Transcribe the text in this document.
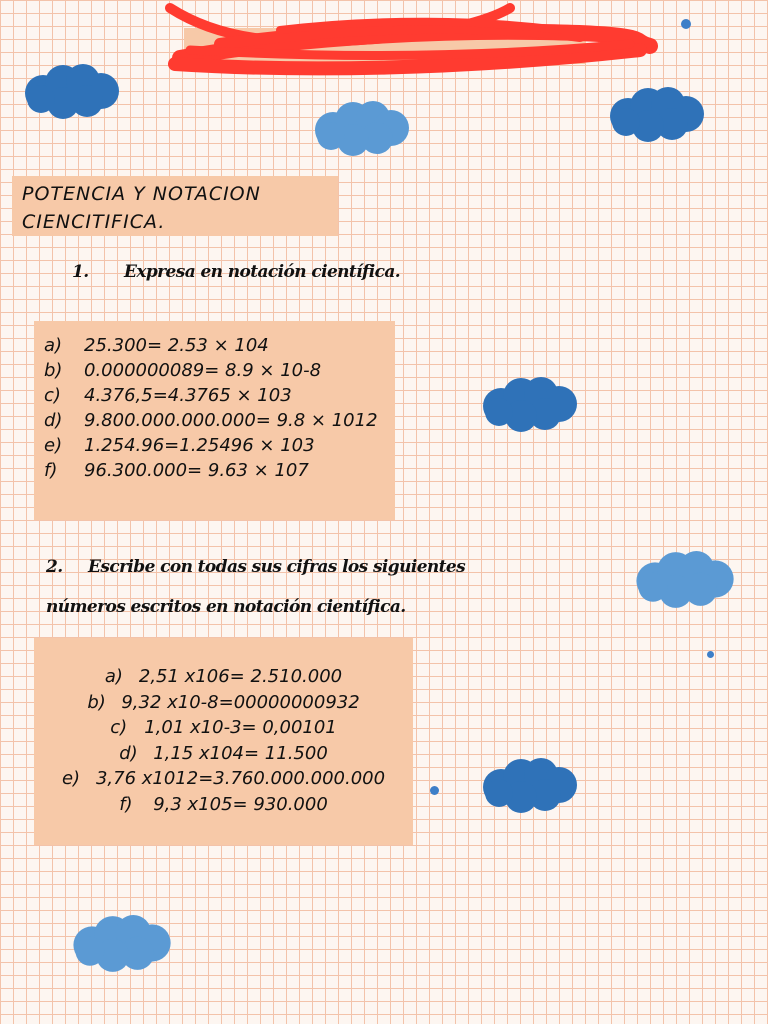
POTENCIA Y NOTACION CIENCITIFICA.

1. Expresa en notación científica.
a)	25.300= 2.53 × 104
b)	0.000000089= 8.9 × 10-8
c)	4.376,5=4.3765 × 103
d)	9.800.000.000.000= 9.8 × 1012
e)	1.254.96=1.25496 × 103
f)	96.300.000= 9.63 × 107
2. Escribe con todas sus cifras los siguientes números escritos en notación científica.
a) 2,51 x106= 2.510.000
b) 9,32 x10-8=00000000932
c) 1,01 x10-3= 0,00101
d) 1,15 x104= 11.500
e) 3,76 x1012=3.760.000.000.000
f) 9,3 x105= 930.000
